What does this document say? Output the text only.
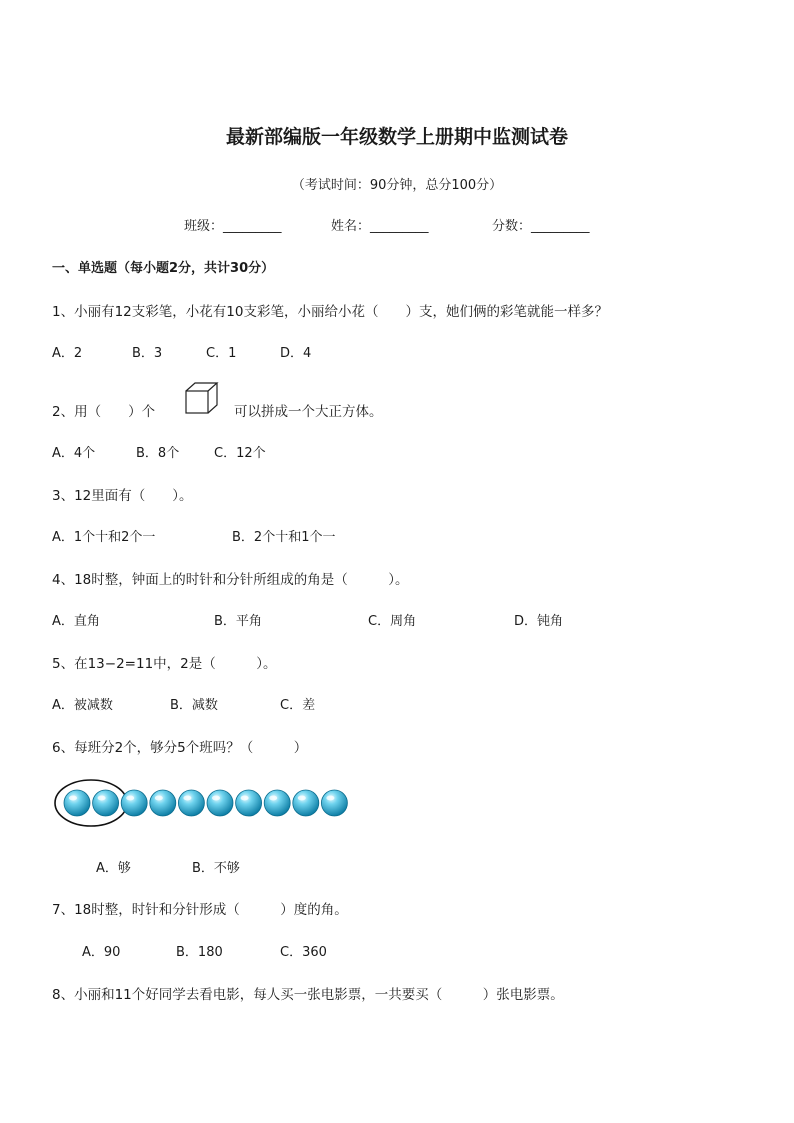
最新部编版一年级数学上册期中监测试卷
（考试时间：90分钟，总分100分）
班级：_________	姓名：_________	分数：_________
一、单选题（每小题2分，共计30分）
1、小丽有12支彩笔，小花有10支彩笔，小丽给小花（　　）支，她们俩的彩笔就能一样多？
A．2	B．3	C．1	D．4
2、用（　　）个	可以拼成一个大正方体。
A．4个	B．8个	C．12个
3、12里面有（　　）。
A．1个十和2个一	B．2个十和1个一
4、18时整，钟面上的时针和分针所组成的角是（　　　）。
A．直角	B．平角	C．周角	D．钝角
5、在13−2=11中，2是（　　　）。
A．被减数	B．减数	C．差
6、每班分2个，够分5个班吗？（　　　）
A．够	B．不够
7、18时整，时针和分针形成（　　　）度的角。
A．90	B．180	C．360
8、小丽和11个好同学去看电影，每人买一张电影票，一共要买（　　　）张电影票。
